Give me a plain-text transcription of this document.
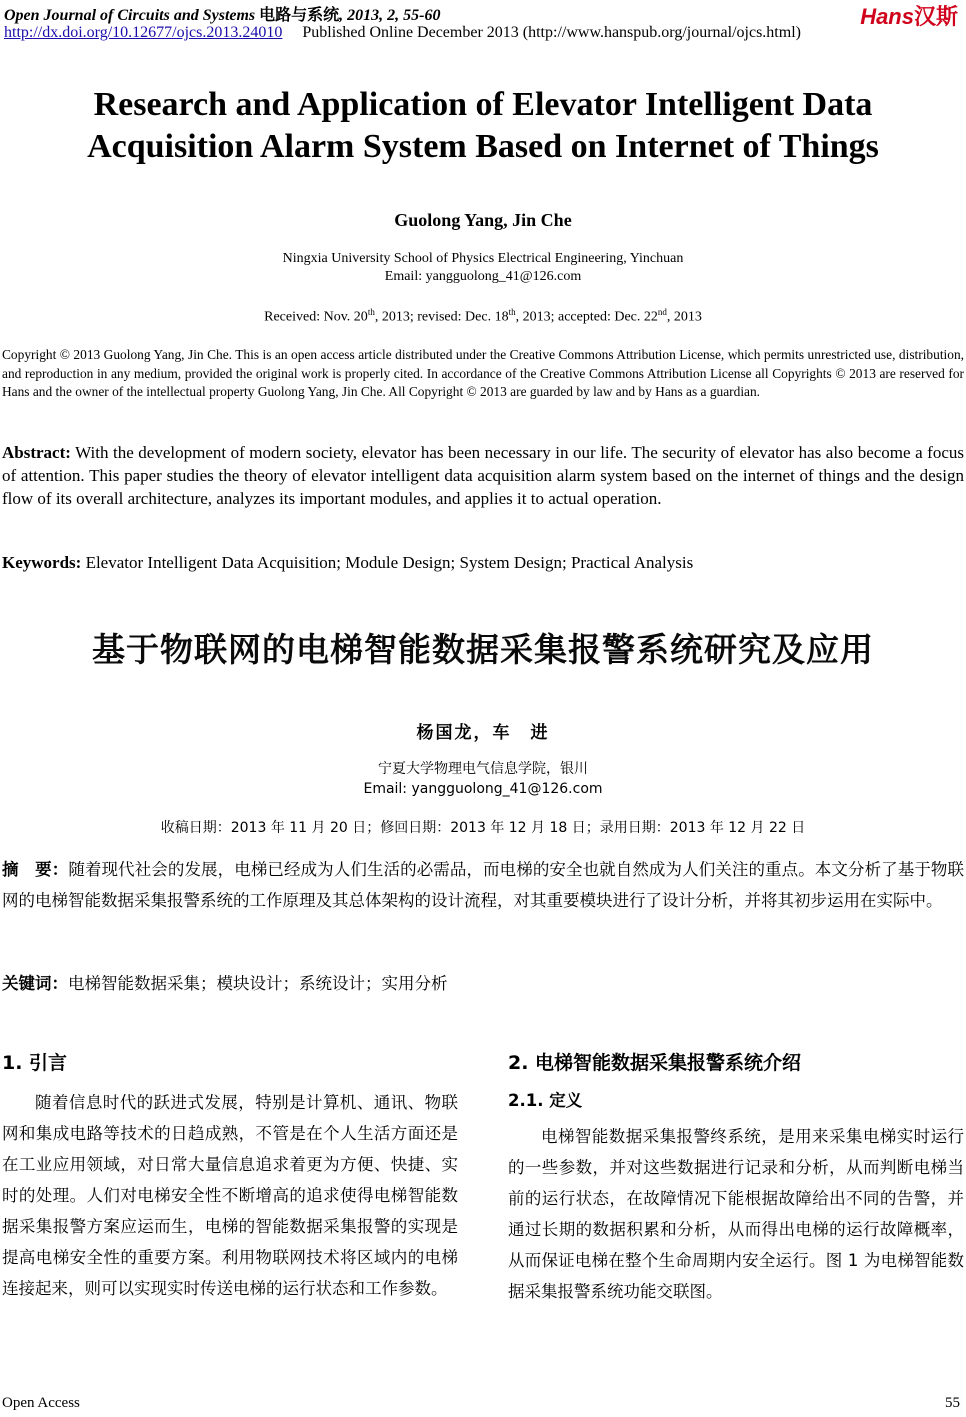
Open Journal of Circuits and Systems 电路与系统, 2013, 2, 55-60	Hans汉斯
http://dx.doi.org/10.12677/ojcs.2013.24010 Published Online December 2013 (http://www.hanspub.org/journal/ojcs.html)
Research and Application of Elevator Intelligent Data
Acquisition Alarm System Based on Internet of Things
Guolong Yang, Jin Che
Ningxia University School of Physics Electrical Engineering, Yinchuan
Email: yangguolong_41@126.com
Received: Nov. 20th, 2013; revised: Dec. 18th, 2013; accepted: Dec. 22nd, 2013
Copyright © 2013 Guolong Yang, Jin Che. This is an open access article distributed under the Creative Commons Attribution License, which permits unrestricted use, distribution, and reproduction in any medium, provided the original work is properly cited. In accordance of the Creative Commons Attribution License all Copyrights © 2013 are reserved for Hans and the owner of the intellectual property Guolong Yang, Jin Che. All Copyright © 2013 are guarded by law and by Hans as a guardian.
Abstract: With the development of modern society, elevator has been necessary in our life. The security of elevator has also become a focus of attention. This paper studies the theory of elevator intelligent data acquisition alarm system based on the internet of things and the design flow of its overall architecture, analyzes its important modules, and applies it to actual operation.
Keywords: Elevator Intelligent Data Acquisition; Module Design; System Design; Practical Analysis
基于物联网的电梯智能数据采集报警系统研究及应用
杨国龙，车　进
宁夏大学物理电气信息学院，银川
Email: yangguolong_41@126.com
收稿日期：2013 年 11 月 20 日；修回日期：2013 年 12 月 18 日；录用日期：2013 年 12 月 22 日
摘　要：随着现代社会的发展，电梯已经成为人们生活的必需品，而电梯的安全也就自然成为人们关注的重点。本文分析了基于物联网的电梯智能数据采集报警系统的工作原理及其总体架构的设计流程，对其重要模块进行了设计分析，并将其初步运用在实际中。
关键词：电梯智能数据采集；模块设计；系统设计；实用分析
1. 引言

随着信息时代的跃进式发展，特别是计算机、通讯、物联网和集成电路等技术的日趋成熟，不管是在个人生活方面还是在工业应用领域，对日常大量信息追求着更为方便、快捷、实时的处理。人们对电梯安全性不断增高的追求使得电梯智能数据采集报警方案应运而生，电梯的智能数据采集报警的实现是提高电梯安全性的重要方案。利用物联网技术将区域内的电梯连接起来，则可以实现实时传送电梯的运行状态和工作参数。

2. 电梯智能数据采集报警系统介绍
2.1. 定义

电梯智能数据采集报警终系统，是用来采集电梯实时运行的一些参数，并对这些数据进行记录和分析，从而判断电梯当前的运行状态，在故障情况下能根据故障给出不同的告警，并通过长期的数据积累和分析，从而得出电梯的运行故障概率，从而保证电梯在整个生命周期内安全运行。图 1 为电梯智能数据采集报警系统功能交联图。

Open Access	55
